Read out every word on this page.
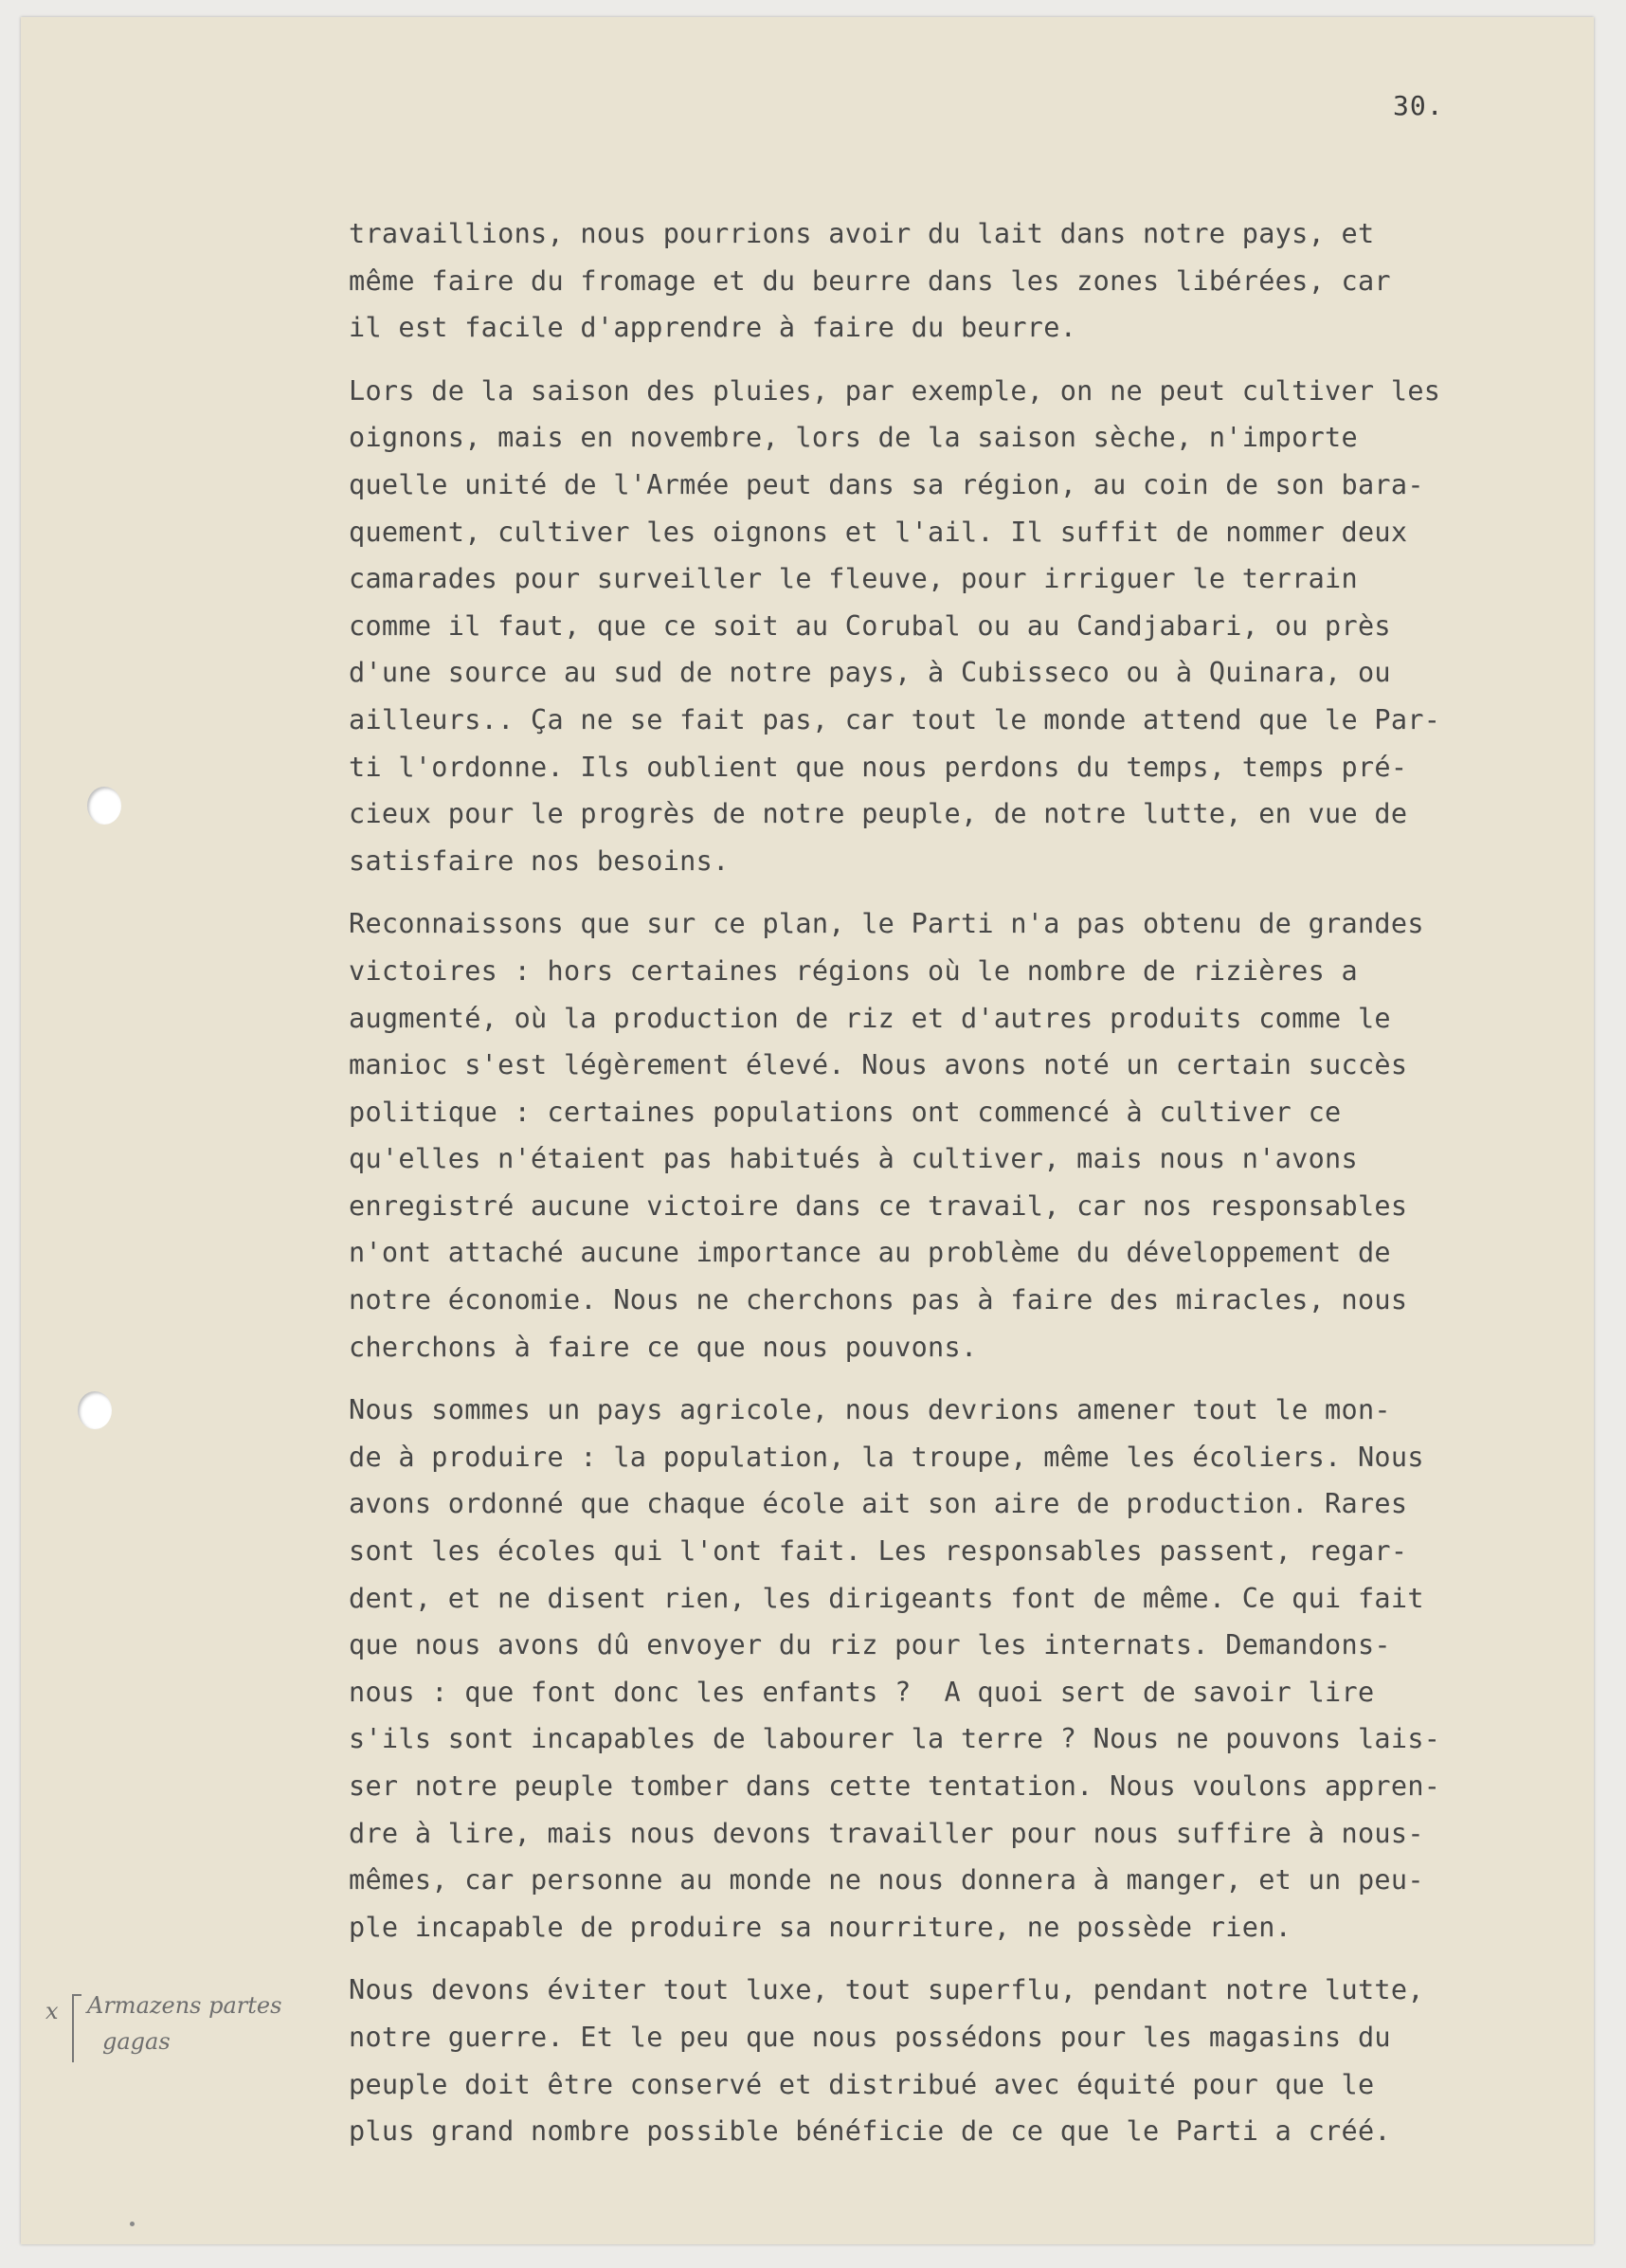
30.
travaillions, nous pourrions avoir du lait dans notre pays, et
même faire du fromage et du beurre dans les zones libérées, car
il est facile d'apprendre à faire du beurre.
Lors de la saison des pluies, par exemple, on ne peut cultiver les
oignons, mais en novembre, lors de la saison sèche, n'importe
quelle unité de l'Armée peut dans sa région, au coin de son bara-
quement, cultiver les oignons et l'ail. Il suffit de nommer deux
camarades pour surveiller le fleuve, pour irriguer le terrain
comme il faut, que ce soit au Corubal ou au Candjabari, ou près
d'une source au sud de notre pays, à Cubisseco ou à Quinara, ou
ailleurs.. Ça ne se fait pas, car tout le monde attend que le Par-
ti l'ordonne. Ils oublient que nous perdons du temps, temps pré-
cieux pour le progrès de notre peuple, de notre lutte, en vue de
satisfaire nos besoins.
Reconnaissons que sur ce plan, le Parti n'a pas obtenu de grandes
victoires : hors certaines régions où le nombre de rizières a
augmenté, où la production de riz et d'autres produits comme le
manioc s'est légèrement élevé. Nous avons noté un certain succès
politique : certaines populations ont commencé à cultiver ce
qu'elles n'étaient pas habitués à cultiver, mais nous n'avons
enregistré aucune victoire dans ce travail, car nos responsables
n'ont attaché aucune importance au problème du développement de
notre économie. Nous ne cherchons pas à faire des miracles, nous
cherchons à faire ce que nous pouvons.
Nous sommes un pays agricole, nous devrions amener tout le mon-
de à produire : la population, la troupe, même les écoliers. Nous
avons ordonné que chaque école ait son aire de production. Rares
sont les écoles qui l'ont fait. Les responsables passent, regar-
dent, et ne disent rien, les dirigeants font de même. Ce qui fait
que nous avons dû envoyer du riz pour les internats. Demandons-
nous : que font donc les enfants ?  A quoi sert de savoir lire
s'ils sont incapables de labourer la terre ? Nous ne pouvons lais-
ser notre peuple tomber dans cette tentation. Nous voulons appren-
dre à lire, mais nous devons travailler pour nous suffire à nous-
mêmes, car personne au monde ne nous donnera à manger, et un peu-
ple incapable de produire sa nourriture, ne possède rien.
Nous devons éviter tout luxe, tout superflu, pendant notre lutte,
notre guerre. Et le peu que nous possédons pour les magasins du
peuple doit être conservé et distribué avec équité pour que le
plus grand nombre possible bénéficie de ce que le Parti a créé.
x Armazens partes
gagas
